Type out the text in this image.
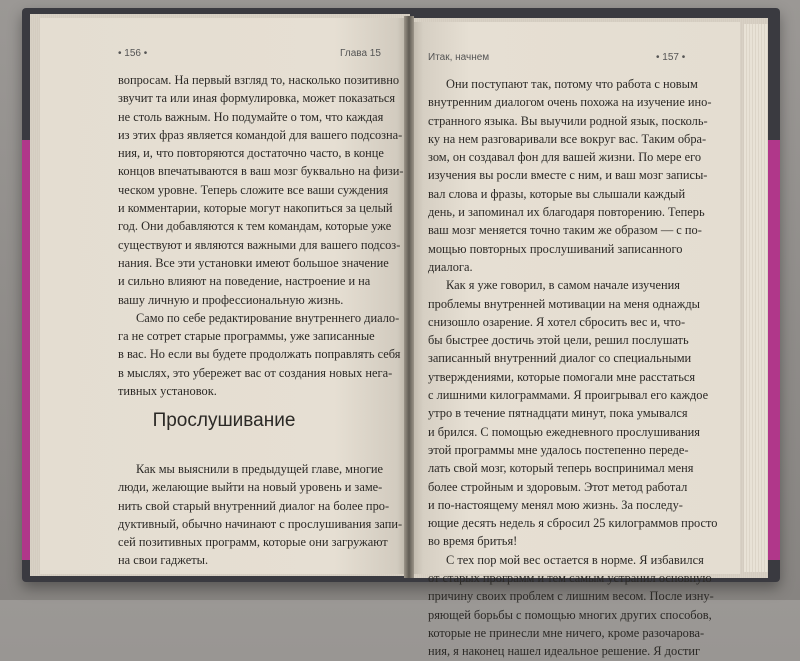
• 156 •	Глава 15
вопросам. На первый взгляд то, насколько позитивно
звучит та или иная формулировка, может показаться
не столь важным. Но подумайте о том, что каждая
из этих фраз является командой для вашего подсозна-
ния, и, что повторяются достаточно часто, в конце
концов впечатываются в ваш мозг буквально на физи-
ческом уровне. Теперь сложите все ваши суждения
и комментарии, которые могут накопиться за целый
год. Они добавляются к тем командам, которые уже
существуют и являются важными для вашего подсоз-
нания. Все эти установки имеют большое значение
и сильно влияют на поведение, настроение и на
вашу личную и профессиональную жизнь.
Само по себе редактирование внутреннего диало-
га не сотрет старые программы, уже записанные
в вас. Но если вы будете продолжать поправлять себя
в мыслях, это убережет вас от создания новых нега-
тивных установок.
Прослушивание
Как мы выяснили в предыдущей главе, многие
люди, желающие выйти на новый уровень и заме-
нить свой старый внутренний диалог на более про-
дуктивный, обычно начинают с прослушивания запи-
сей позитивных программ, которые они загружают
на свои гаджеты.
Итак, начнем	• 157 •
Они поступают так, потому что работа с новым
внутренним диалогом очень похожа на изучение ино-
странного языка. Вы выучили родной язык, посколь-
ку на нем разговаривали все вокруг вас. Таким обра-
зом, он создавал фон для вашей жизни. По мере его
изучения вы росли вместе с ним, и ваш мозг записы-
вал слова и фразы, которые вы слышали каждый
день, и запоминал их благодаря повторению. Теперь
ваш мозг меняется точно таким же образом — с по-
мощью повторных прослушиваний записанного
диалога.
Как я уже говорил, в самом начале изучения
проблемы внутренней мотивации на меня однажды
снизошло озарение. Я хотел сбросить вес и, что-
бы быстрее достичь этой цели, решил послушать
записанный внутренний диалог со специальными
утверждениями, которые помогали мне расстаться
с лишними килограммами. Я проигрывал его каждое
утро в течение пятнадцати минут, пока умывался
и брился. С помощью ежедневного прослушивания
этой программы мне удалось постепенно переде-
лать свой мозг, который теперь воспринимал меня
более стройным и здоровым. Этот метод работал
и по-настоящему менял мою жизнь. За последу-
ющие десять недель я сбросил 25 килограммов просто
во время бритья!
С тех пор мой вес остается в норме. Я избавился
от старых программ и тем самым устранил основную
причину своих проблем с лишним весом. После изну-
ряющей борьбы с помощью многих других способов,
которые не принесли мне ничего, кроме разочарова-
ния, я наконец нашел идеальное решение. Я достиг
